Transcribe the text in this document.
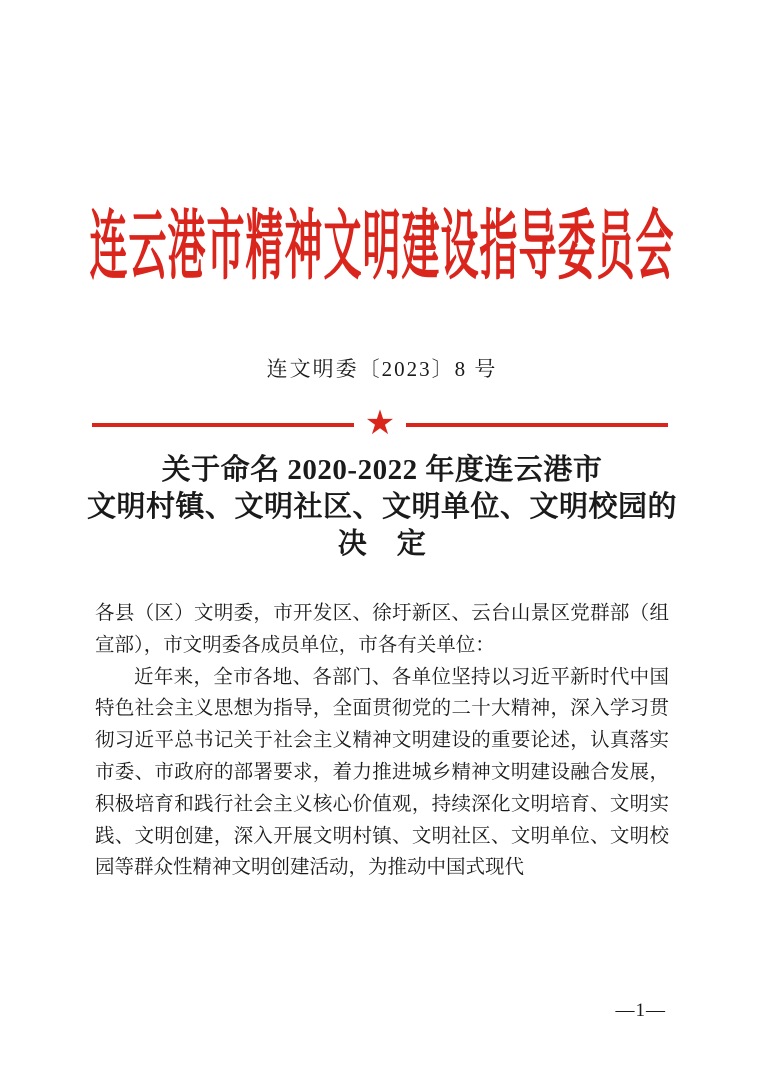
连云港市精神文明建设指导委员会
连文明委〔2023〕8 号
★
关于命名 2020-2022 年度连云港市
文明村镇、文明社区、文明单位、文明校园的
决　定

各县（区）文明委，市开发区、徐圩新区、云台山景区党群部（组宣部），市文明委各成员单位，市各有关单位：

近年来，全市各地、各部门、各单位坚持以习近平新时代中国特色社会主义思想为指导，全面贯彻党的二十大精神，深入学习贯彻习近平总书记关于社会主义精神文明建设的重要论述，认真落实市委、市政府的部署要求，着力推进城乡精神文明建设融合发展，积极培育和践行社会主义核心价值观，持续深化文明培育、文明实践、文明创建，深入开展文明村镇、文明社区、文明单位、文明校园等群众性精神文明创建活动，为推动中国式现代

—1—
